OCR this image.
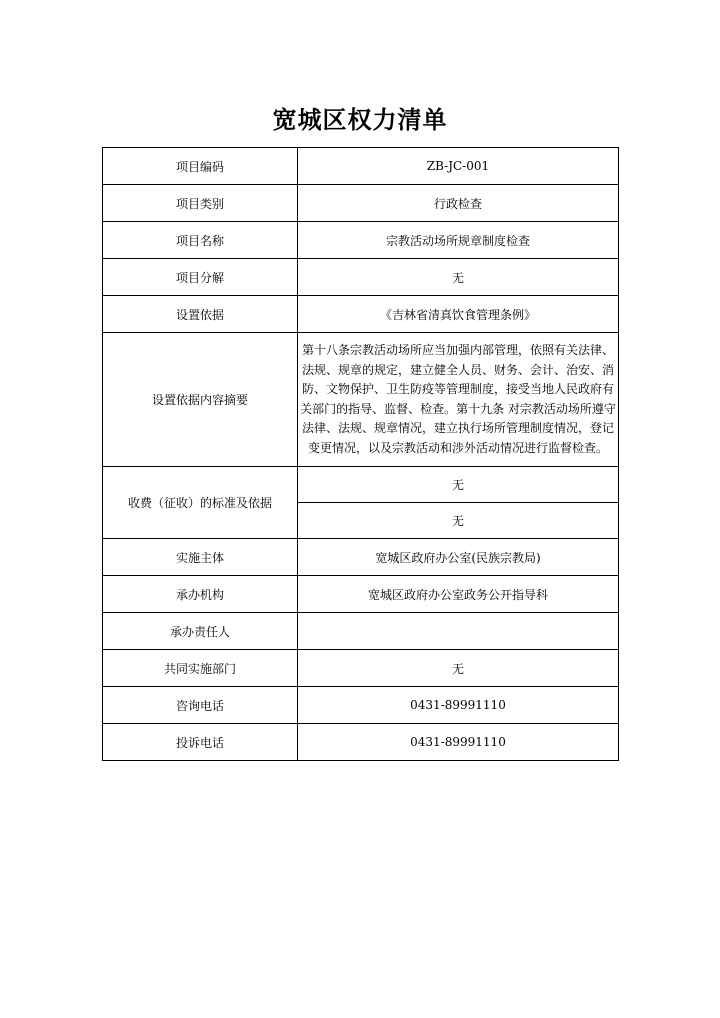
宽城区权力清单
项目编码	ZB-JC-001
项目类别	行政检查
项目名称	宗教活动场所规章制度检查
项目分解	无
设置依据	《吉林省清真饮食管理条例》
设置依据内容摘要	第十八条宗教活动场所应当加强内部管理，依照有关法律、法规、规章的规定，建立健全人员、财务、会计、治安、消防、文物保护、卫生防疫等管理制度，接受当地人民政府有关部门的指导、监督、检查。第十九条 对宗教活动场所遵守法律、法规、规章情况，建立执行场所管理制度情况，登记变更情况，以及宗教活动和涉外活动情况进行监督检查。
收费（征收）的标准及依据	无
	无
实施主体	宽城区政府办公室(民族宗教局)
承办机构	宽城区政府办公室政务公开指导科
承办责任人	
共同实施部门	无
咨询电话	0431-89991110
投诉电话	0431-89991110
